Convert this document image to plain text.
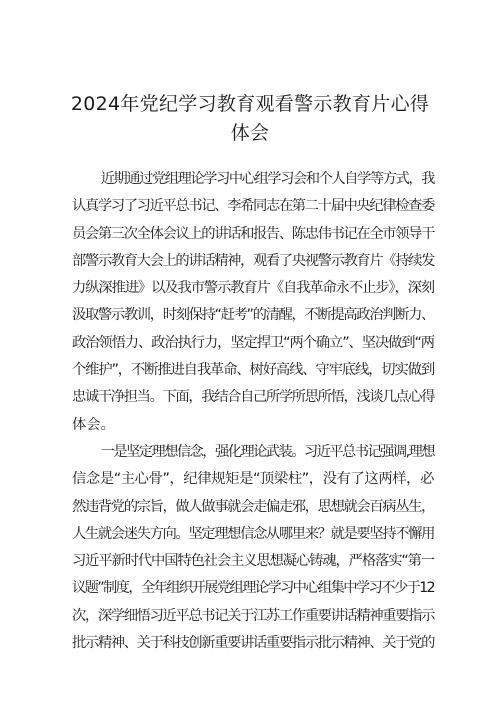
2024年党纪学习教育观看警示教育片心得
体会
近期通过党组理论学习中心组学习会和个人自学等方式，我
认真学习了习近平总书记、李希同志在第二十届中央纪律检查委
员会第三次全体会议上的讲话和报告、陈忠伟书记在全市领导干
部警示教育大会上的讲话精神，观看了央视警示教育片《持续发
力纵深推进》以及我市警示教育片《自我革命永不止步》，深刻
汲取警示教训，时刻保持“赶考”的清醒，不断提高政治判断力、
政治领悟力、政治执行力，坚定捍卫“两个确立”、坚决做到“两
个维护”，不断推进自我革命、树好高线、守牢底线，切实做到
忠诚干净担当。下面，我结合自己所学所思所悟，浅谈几点心得
体会。
一是坚定理想信念，强化理论武装。习近平总书记强调,理想
信念是“主心骨”，纪律规矩是“顶梁柱”，没有了这两样，必
然违背党的宗旨，做人做事就会走偏走邪，思想就会百病丛生，
人生就会迷失方向。坚定理想信念从哪里来？就是要坚持不懈用
习近平新时代中国特色社会主义思想凝心铸魂，严格落实“第一
议题”制度，全年组织开展党组理论学习中心组集中学习不少于12
次，深学细悟习近平总书记关于江苏工作重要讲话精神重要指示
批示精神、关于科技创新重要讲话重要指示批示精神、关于党的
